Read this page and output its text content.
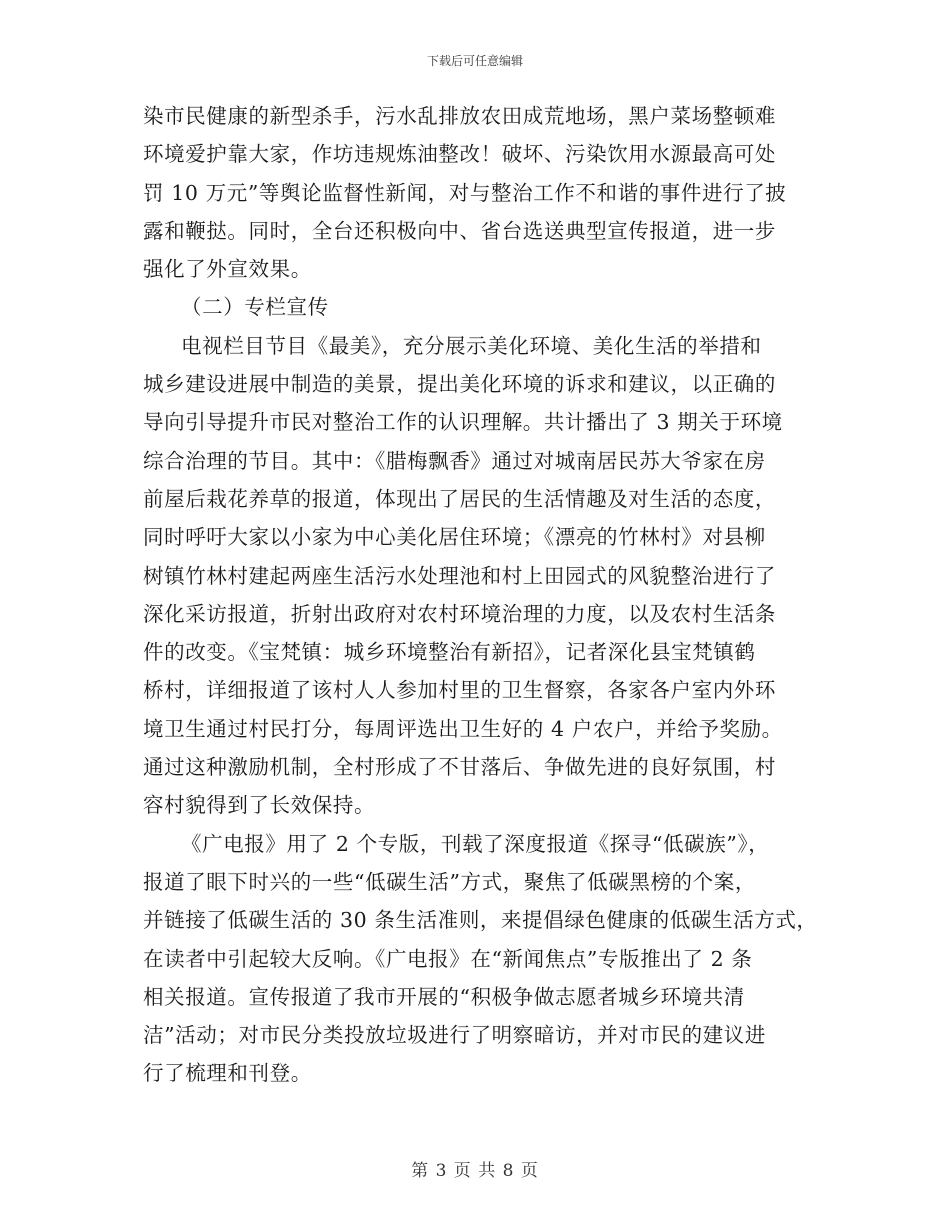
下载后可任意编辑
染市民健康的新型杀手，污水乱排放农田成荒地场，黑户菜场整顿难
环境爱护靠大家，作坊违规炼油整改！破坏、污染饮用水源最高可处
罚 10 万元”等舆论监督性新闻，对与整治工作不和谐的事件进行了披
露和鞭挞。同时，全台还积极向中、省台选送典型宣传报道，进一步
强化了外宣效果。
（二）专栏宣传
电视栏目节目《最美》，充分展示美化环境、美化生活的举措和
城乡建设进展中制造的美景，提出美化环境的诉求和建议，以正确的
导向引导提升市民对整治工作的认识理解。共计播出了 3 期关于环境
综合治理的节目。其中：《腊梅飘香》通过对城南居民苏大爷家在房
前屋后栽花养草的报道，体现出了居民的生活情趣及对生活的态度，
同时呼吁大家以小家为中心美化居住环境；《漂亮的竹林村》对县柳
树镇竹林村建起两座生活污水处理池和村上田园式的风貌整治进行了
深化采访报道，折射出政府对农村环境治理的力度，以及农村生活条
件的改变。《宝梵镇：城乡环境整治有新招》，记者深化县宝梵镇鹤
桥村，详细报道了该村人人参加村里的卫生督察，各家各户室内外环
境卫生通过村民打分，每周评选出卫生好的 4 户农户，并给予奖励。
通过这种激励机制，全村形成了不甘落后、争做先进的良好氛围，村
容村貌得到了长效保持。
《广电报》用了 2 个专版，刊载了深度报道《探寻“低碳族”》，
报道了眼下时兴的一些“低碳生活”方式，聚焦了低碳黑榜的个案，
并链接了低碳生活的 30 条生活准则，来提倡绿色健康的低碳生活方式，
在读者中引起较大反响。《广电报》在“新闻焦点”专版推出了 2 条
相关报道。宣传报道了我市开展的“积极争做志愿者城乡环境共清
洁”活动；对市民分类投放垃圾进行了明察暗访，并对市民的建议进
行了梳理和刊登。
第 3 页 共 8 页
